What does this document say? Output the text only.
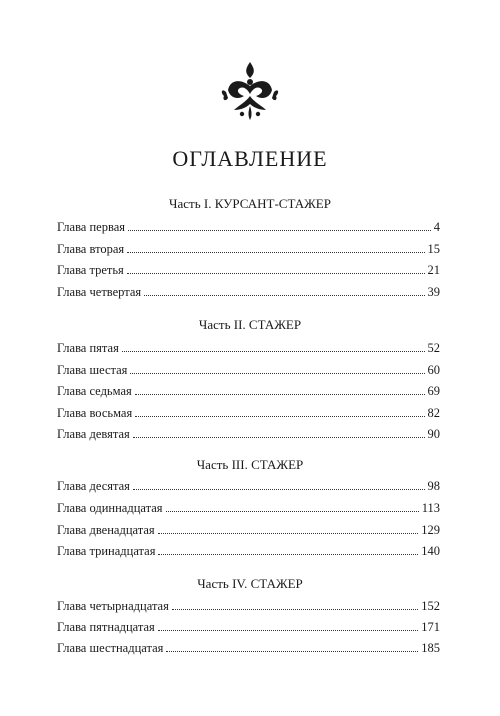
ОГЛАВЛЕНИЕ
Часть I. КУРСАНТ-СТАЖЕР
Глава первая	4
Глава вторая	15
Глава третья	21
Глава четвертая	39
Часть II. СТАЖЕР
Глава пятая	52
Глава шестая	60
Глава седьмая	69
Глава восьмая	82
Глава девятая	90
Часть III. СТАЖЕР
Глава десятая	98
Глава одиннадцатая	113
Глава двенадцатая	129
Глава тринадцатая	140
Часть IV. СТАЖЕР
Глава четырнадцатая	152
Глава пятнадцатая	171
Глава шестнадцатая	185
